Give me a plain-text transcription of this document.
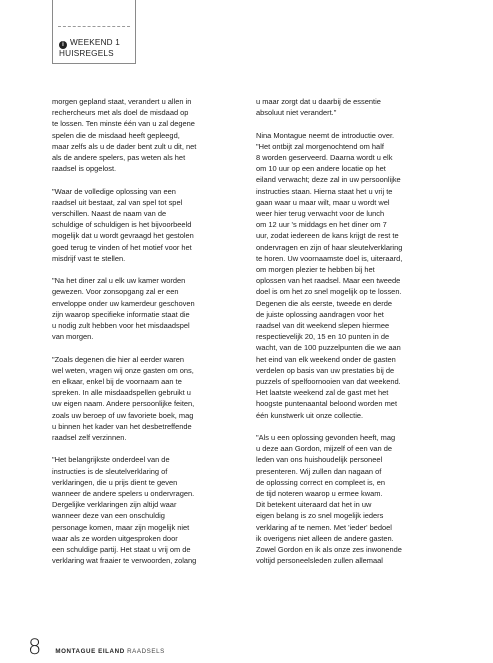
i WEEKEND 1
HUISREGELS

morgen gepland staat, verandert u allen in
rechercheurs met als doel de misdaad op
te lossen. Ten minste één van u zal degene
spelen die de misdaad heeft gepleegd,
maar zelfs als u de dader bent zult u dit, net
als de andere spelers, pas weten als het
raadsel is opgelost.

"Waar de volledige oplossing van een
raadsel uit bestaat, zal van spel tot spel
verschillen. Naast de naam van de
schuldige of schuldigen is het bijvoorbeeld
mogelijk dat u wordt gevraagd het gestolen
goed terug te vinden of het motief voor het
misdrijf vast te stellen.

"Na het diner zal u elk uw kamer worden
gewezen. Voor zonsopgang zal er een
enveloppe onder uw kamerdeur geschoven
zijn waarop specifieke informatie staat die
u nodig zult hebben voor het misdaadspel
van morgen.

"Zoals degenen die hier al eerder waren
wel weten, vragen wij onze gasten om ons,
en elkaar, enkel bij de voornaam aan te
spreken. In alle misdaadspellen gebruikt u
uw eigen naam. Andere persoonlijke feiten,
zoals uw beroep of uw favoriete boek, mag
u binnen het kader van het desbetreffende
raadsel zelf verzinnen.

"Het belangrijkste onderdeel van de
instructies is de sleutelverklaring of
verklaringen, die u prijs dient te geven
wanneer de andere spelers u ondervragen.
Dergelijke verklaringen zijn altijd waar
wanneer deze van een onschuldig
personage komen, maar zijn mogelijk niet
waar als ze worden uitgesproken door
een schuldige partij. Het staat u vrij om de
verklaring wat fraaier te verwoorden, zolang

u maar zorgt dat u daarbij de essentie
absoluut niet verandert."

Nina Montague neemt de introductie over.
"Het ontbijt zal morgenochtend om half
8 worden geserveerd. Daarna wordt u elk
om 10 uur op een andere locatie op het
eiland verwacht; deze zal in uw persoonlijke
instructies staan. Hierna staat het u vrij te
gaan waar u maar wilt, maar u wordt wel
weer hier terug verwacht voor de lunch
om 12 uur 's middags en het diner om 7
uur, zodat iedereen de kans krijgt de rest te
ondervragen en zijn of haar sleutelverklaring
te horen. Uw voornaamste doel is, uiteraard,
om morgen plezier te hebben bij het
oplossen van het raadsel. Maar een tweede
doel is om het zo snel mogelijk op te lossen.
Degenen die als eerste, tweede en derde
de juiste oplossing aandragen voor het
raadsel van dit weekend slepen hiermee
respectievelijk 20, 15 en 10 punten in de
wacht, van de 100 puzzelpunten die we aan
het eind van elk weekend onder de gasten
verdelen op basis van uw prestaties bij de
puzzels of spelfoornooien van dat weekend.
Het laatste weekend zal de gast met het
hoogste puntenaantal beloond worden met
één kunstwerk uit onze collectie.

"Als u een oplossing gevonden heeft, mag
u deze aan Gordon, mijzelf of een van de
leden van ons huishoudelijk personeel
presenteren. Wij zullen dan nagaan of
de oplossing correct en compleet is, en
de tijd noteren waarop u ermee kwam.
Dit betekent uiteraard dat het in uw
eigen belang is zo snel mogelijk ieders
verklaring af te nemen. Met 'ieder' bedoel
ik overigens niet alleen de andere gasten.
Zowel Gordon en ik als onze zes inwonende
voltijd personeelsleden zullen allemaal

8 MONTAGUE EILAND RAADSELS
